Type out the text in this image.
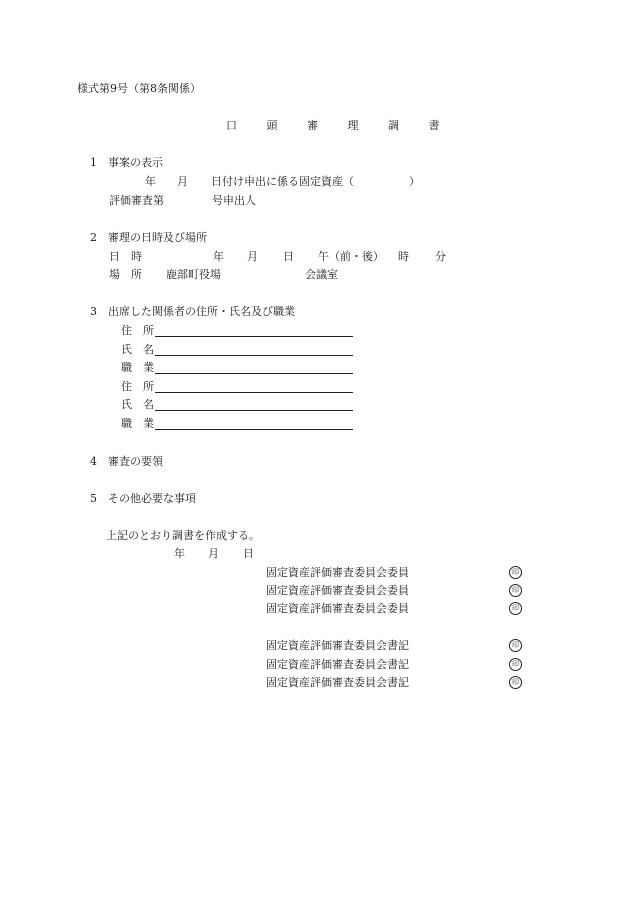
様式第9号（第8条関係）
口 頭 審 理 調 書
1　事案の表示
年 月 日付け申出に係る固定資産（　　　　　）
評価審査第	号申出人
2　審理の日時及び場所
日　時	年 月 日 午（前・後） 時 分
場　所 鹿部町役場	会議室
3　出席した関係者の住所・氏名及び職業
住　所
氏　名
職　業
住　所
氏　名
職　業
4　審査の要領
5　その他必要な事項
上記のとおり調書を作成する。
年 月 日
固定資産評価審査委員会委員	印
固定資産評価審査委員会委員	印
固定資産評価審査委員会委員	印
固定資産評価審査委員会書記	印
固定資産評価審査委員会書記	印
固定資産評価審査委員会書記	印
